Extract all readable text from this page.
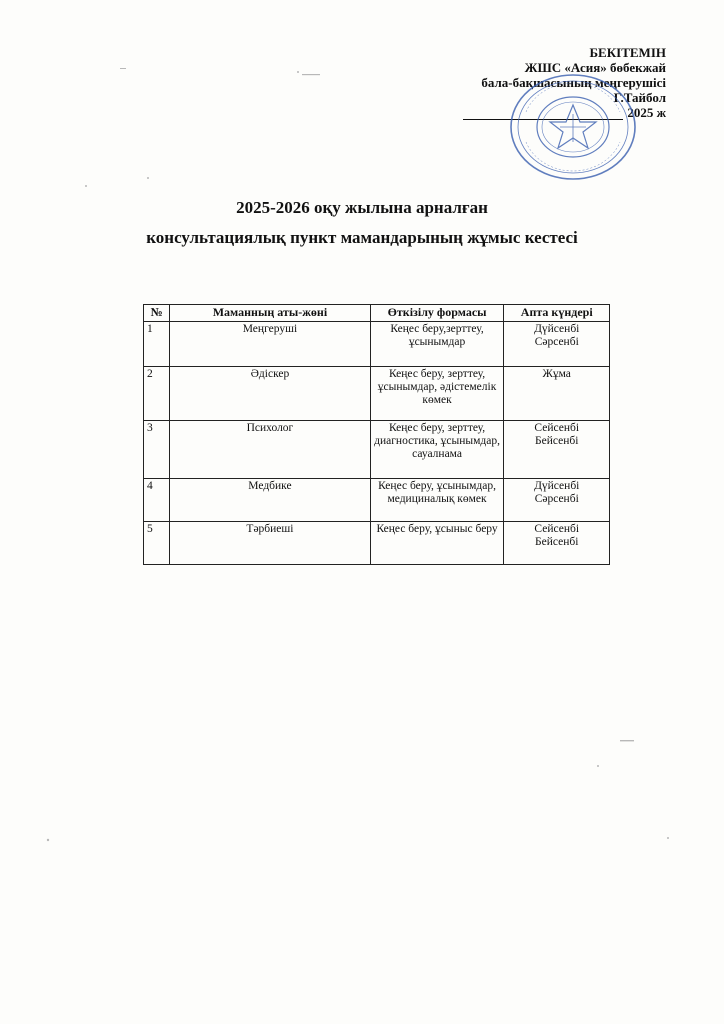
БЕКІТЕМІН
ЖШС «Асия» бөбекжай
бала-бақшасының меңгерушісі
Г.Тайбол
2025 ж
2025-2026 оқу жылына арналған
консультациялық пункт мамандарының жұмыс кестесі
№	Маманның аты-жөні	Өткізілу формасы	Апта күндері
1	Меңгеруші	Кеңес беру,зерттеу, ұсынымдар	Дүйсенбі
Сәрсенбі

2	Әдіскер	Кеңес беру, зерттеу, ұсынымдар, әдістемелік көмек	Жұма

3	Психолог	Кеңес беру, зерттеу, диагностика, ұсынымдар, сауалнама	Сейсенбі
Бейсенбі

4	Медбике	Кеңес беру, ұсынымдар, медициналық көмек	Дүйсенбі
Сәрсенбі

5	Тәрбиеші	Кеңес беру, ұсыныс беру	Сейсенбі
Бейсенбі
